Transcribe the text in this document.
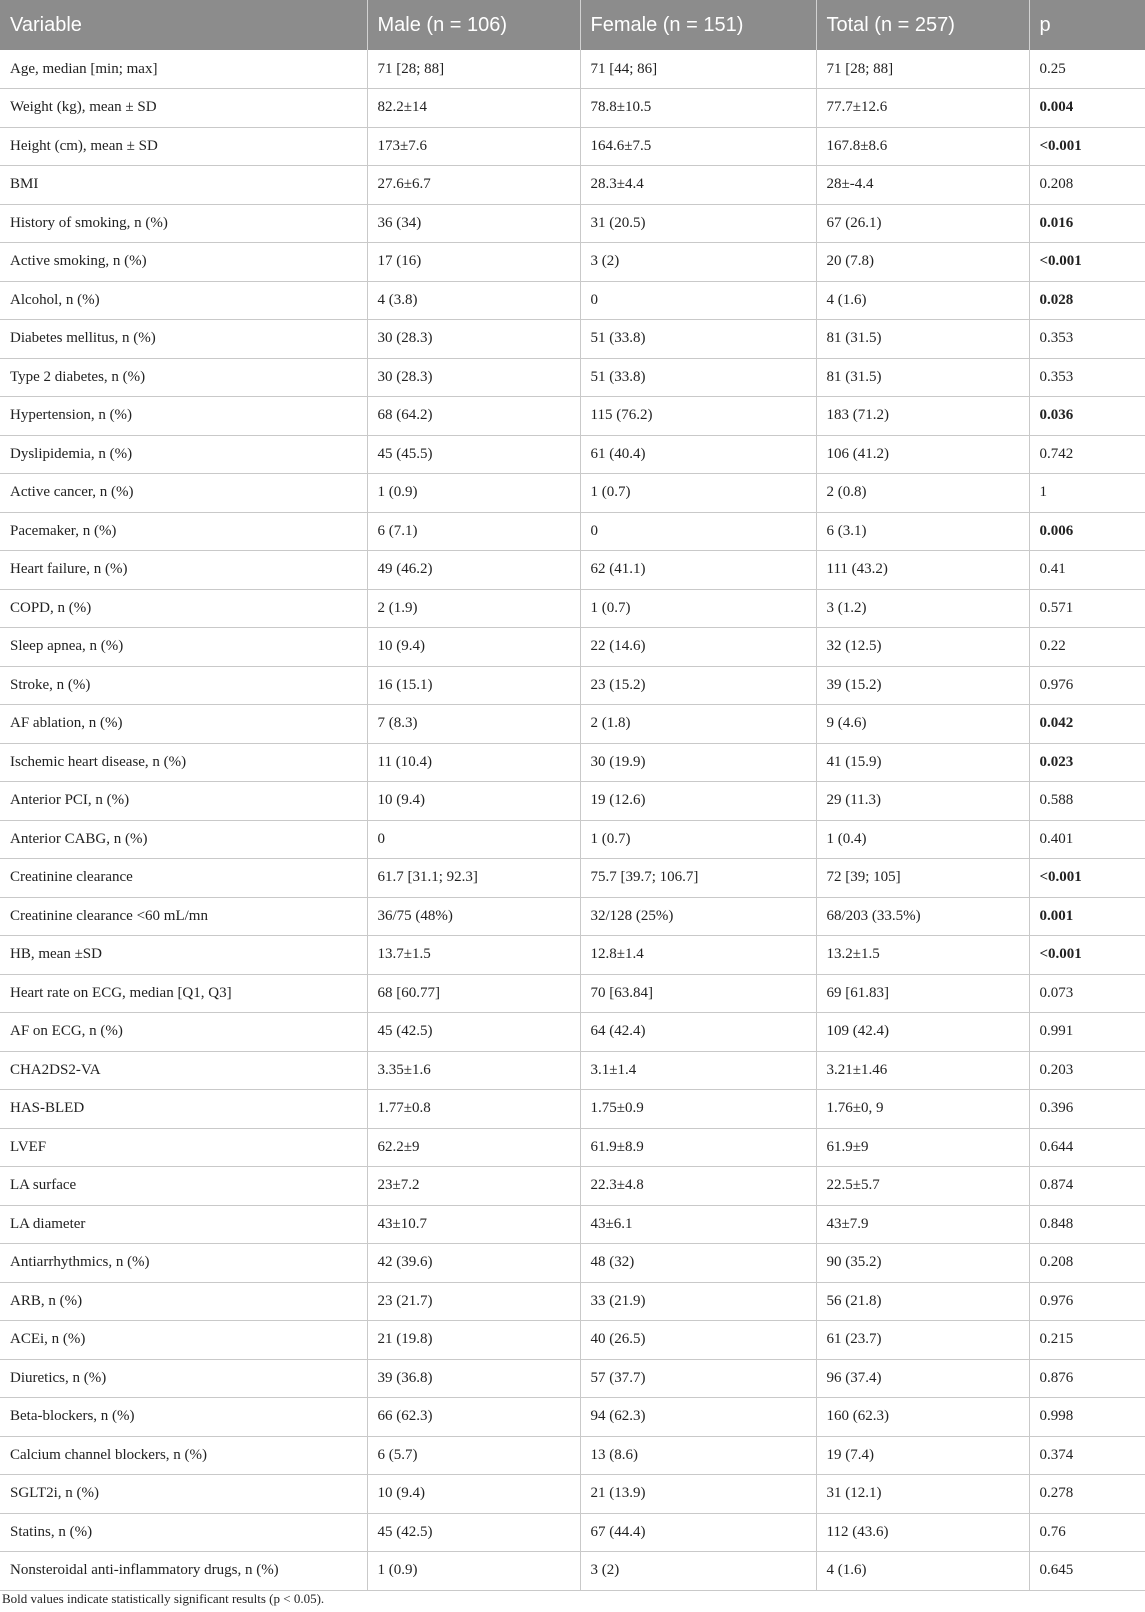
Variable	Male (n = 106)	Female (n = 151)	Total (n = 257)	p
Age, median [min; max]	71 [28; 88]	71 [44; 86]	71 [28; 88]	0.25
Weight (kg), mean ± SD	82.2±14	78.8±10.5	77.7±12.6	0.004
Height (cm), mean ± SD	173±7.6	164.6±7.5	167.8±8.6	<0.001
BMI	27.6±6.7	28.3±4.4	28±-4.4	0.208
History of smoking, n (%)	36 (34)	31 (20.5)	67 (26.1)	0.016
Active smoking, n (%)	17 (16)	3 (2)	20 (7.8)	<0.001
Alcohol, n (%)	4 (3.8)	0	4 (1.6)	0.028
Diabetes mellitus, n (%)	30 (28.3)	51 (33.8)	81 (31.5)	0.353
Type 2 diabetes, n (%)	30 (28.3)	51 (33.8)	81 (31.5)	0.353
Hypertension, n (%)	68 (64.2)	115 (76.2)	183 (71.2)	0.036
Dyslipidemia, n (%)	45 (45.5)	61 (40.4)	106 (41.2)	0.742
Active cancer, n (%)	1 (0.9)	1 (0.7)	2 (0.8)	1
Pacemaker, n (%)	6 (7.1)	0	6 (3.1)	0.006
Heart failure, n (%)	49 (46.2)	62 (41.1)	111 (43.2)	0.41
COPD, n (%)	2 (1.9)	1 (0.7)	3 (1.2)	0.571
Sleep apnea, n (%)	10 (9.4)	22 (14.6)	32 (12.5)	0.22
Stroke, n (%)	16 (15.1)	23 (15.2)	39 (15.2)	0.976
AF ablation, n (%)	7 (8.3)	2 (1.8)	9 (4.6)	0.042
Ischemic heart disease, n (%)	11 (10.4)	30 (19.9)	41 (15.9)	0.023
Anterior PCI, n (%)	10 (9.4)	19 (12.6)	29 (11.3)	0.588
Anterior CABG, n (%)	0	1 (0.7)	1 (0.4)	0.401
Creatinine clearance	61.7 [31.1; 92.3]	75.7 [39.7; 106.7]	72 [39; 105]	<0.001
Creatinine clearance <60 mL/mn	36/75 (48%)	32/128 (25%)	68/203 (33.5%)	0.001
HB, mean ±SD	13.7±1.5	12.8±1.4	13.2±1.5	<0.001
Heart rate on ECG, median [Q1, Q3]	68 [60.77]	70 [63.84]	69 [61.83]	0.073
AF on ECG, n (%)	45 (42.5)	64 (42.4)	109 (42.4)	0.991
CHA2DS2-VA	3.35±1.6	3.1±1.4	3.21±1.46	0.203
HAS-BLED	1.77±0.8	1.75±0.9	1.76±0, 9	0.396
LVEF	62.2±9	61.9±8.9	61.9±9	0.644
LA surface	23±7.2	22.3±4.8	22.5±5.7	0.874
LA diameter	43±10.7	43±6.1	43±7.9	0.848
Antiarrhythmics, n (%)	42 (39.6)	48 (32)	90 (35.2)	0.208
ARB, n (%)	23 (21.7)	33 (21.9)	56 (21.8)	0.976
ACEi, n (%)	21 (19.8)	40 (26.5)	61 (23.7)	0.215
Diuretics, n (%)	39 (36.8)	57 (37.7)	96 (37.4)	0.876
Beta-blockers, n (%)	66 (62.3)	94 (62.3)	160 (62.3)	0.998
Calcium channel blockers, n (%)	6 (5.7)	13 (8.6)	19 (7.4)	0.374
SGLT2i, n (%)	10 (9.4)	21 (13.9)	31 (12.1)	0.278
Statins, n (%)	45 (42.5)	67 (44.4)	112 (43.6)	0.76
Nonsteroidal anti-inflammatory drugs, n (%)	1 (0.9)	3 (2)	4 (1.6)	0.645
Bold values indicate statistically significant results (p < 0.05).
